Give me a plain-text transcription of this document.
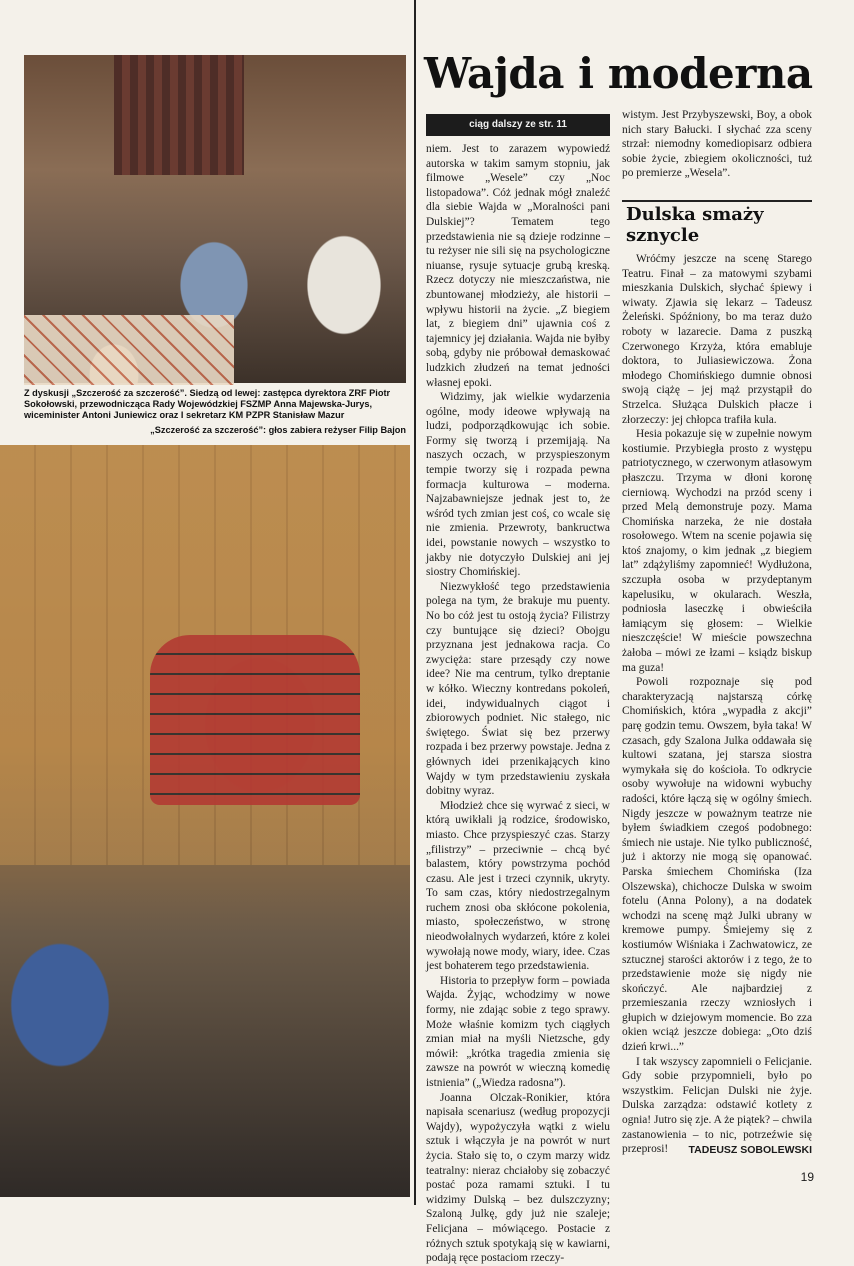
Z dyskusji „Szczerość za szczerość”. Siedzą od lewej: zastępca dyrektora ZRF Piotr Sokołowski, przewodnicząca Rady Wojewódzkiej FSZMP Anna Majewska-Jurys, wiceminister Antoni Juniewicz oraz I sekretarz KM PZPR Stanisław Mazur
„Szczerość za szczerość”: głos zabiera reżyser Filip Bajon
Wajda i moderna
ciąg dalszy ze str. 11

niem. Jest to zarazem wypowiedź autorska w takim samym stopniu, jak filmowe „Wesele” czy „Noc listopadowa”. Cóż jednak mógł znaleźć dla siebie Wajda w „Moralności pani Dulskiej”? Tematem tego przedstawienia nie są dzieje rodzinne – tu reżyser nie sili się na psychologiczne niuanse, rysuje sytuacje grubą kreską. Rzecz dotyczy nie mieszczaństwa, nie zbuntowanej młodzieży, ale historii – wpływu historii na życie. „Z biegiem lat, z biegiem dni” ujawnia coś z tajemnicy jej działania. Wajda nie byłby sobą, gdyby nie próbował demaskować ludzkich złudzeń na temat jedności własnej epoki.

Widzimy, jak wielkie wydarzenia ogólne, mody ideowe wpływają na ludzi, podporządkowując ich sobie. Formy się tworzą i przemijają. Na naszych oczach, w przyspieszonym tempie tworzy się i rozpada pewna formacja kulturowa – moderna. Najzabawniejsze jednak jest to, że wśród tych zmian jest coś, co wcale się nie zmienia. Przewroty, bankructwa idei, powstanie nowych – wszystko to jakby nie dotyczyło Dulskiej ani jej siostry Chomińskiej.

Niezwykłość tego przedstawienia polega na tym, że brakuje mu puenty. No bo cóż jest tu ostoją życia? Filistrzy czy buntujące się dzieci? Obojgu przyznana jest jednakowa racja. Co zwycięża: stare przesądy czy nowe idee? Nie ma centrum, tylko dreptanie w kółko. Wieczny kontredans pokoleń, idei, indywidualnych ciągot i zbiorowych podniet. Nic stałego, nic świętego. Świat się bez przerwy rozpada i bez przerwy powstaje. Jedna z głównych idei przenikających kino Wajdy w tym przedstawieniu zyskała dobitny wyraz.

Młodzież chce się wyrwać z sieci, w którą uwikłali ją rodzice, środowisko, miasto. Chce przyspieszyć czas. Starzy „filistrzy” – przeciwnie – chcą być balastem, który powstrzyma pochód czasu. Ale jest i trzeci czynnik, ukryty. To sam czas, który niedostrzegalnym ruchem znosi oba skłócone pokolenia, miasto, społeczeństwo, w stronę nieodwołalnych wydarzeń, które z kolei wywołają nowe mody, wiary, idee. Czas jest bohaterem tego przedstawienia.

Historia to przepływ form – powiada Wajda. Żyjąc, wchodzimy w nowe formy, nie zdając sobie z tego sprawy. Może właśnie komizm tych ciągłych zmian miał na myśli Nietzsche, gdy mówił: „krótka tragedia zmienia się zawsze na powrót w wieczną komedię istnienia” („Wiedza radosna”).

Joanna Olczak-Ronikier, która napisała scenariusz (według propozycji Wajdy), wypożyczyła wątki z wielu sztuk i włączyła je na powrót w nurt życia. Stało się to, o czym marzy widz teatralny: nieraz chciałoby się zobaczyć postać poza ramami sztuki. I tu widzimy Dulską – bez dulszczyzny; Szaloną Julkę, gdy już nie szaleje; Felicjana – mówiącego. Postacie z różnych sztuk spotykają się w kawiarni, podają ręce postaciom rzeczy-

wistym. Jest Przybyszewski, Boy, a obok nich stary Bałucki. I słychać zza sceny strzał: niemodny komediopisarz odbiera sobie życie, zbiegiem okoliczności, tuż po premierze „Wesela”.

Dulska smaży sznycle

Wróćmy jeszcze na scenę Starego Teatru. Finał – za matowymi szybami mieszkania Dulskich, słychać śpiewy i wiwaty. Zjawia się lekarz – Tadeusz Żeleński. Spóźniony, bo ma teraz dużo roboty w lazarecie. Dama z puszką Czerwonego Krzyża, która emabluje doktora, to Juliasiewiczowa. Żona młodego Chomińskiego dumnie obnosi swoją ciążę – jej mąż przystąpił do Strzelca. Służąca Dulskich płacze i złorzeczy: jej chłopca trafiła kula.

Hesia pokazuje się w zupełnie nowym kostiumie. Przybiegła prosto z występu patriotycznego, w czerwonym atłasowym płaszczu. Trzyma w dłoni koronę cierniową. Wychodzi na przód sceny i przed Melą demonstruje pozy. Mama Chomińska narzeka, że nie dostała rosołowego. Wtem na scenie pojawia się ktoś znajomy, o kim jednak „z biegiem lat” zdążyliśmy zapomnieć! Wydłużona, szczupła osoba w przydeptanym kapelusiku, w okularach. Weszła, podniosła laseczkę i obwieściła łamiącym się głosem: – Wielkie nieszczęście! W mieście powszechna żałoba – mówi ze łzami – ksiądz biskup ma guza!

Powoli rozpoznaje się pod charakteryzacją najstarszą córkę Chomińskich, która „wypadła z akcji” parę godzin temu. Owszem, była taka! W czasach, gdy Szalona Julka oddawała się kultowi szatana, jej starsza siostra wymykała się do kościoła. To odkrycie osoby wywołuje na widowni wybuchy radości, które łączą się w ogólny śmiech. Nigdy jeszcze w poważnym teatrze nie byłem świadkiem czegoś podobnego: śmiech nie ustaje. Nie tylko publiczność, już i aktorzy nie mogą się opanować. Parska śmiechem Chomińska (Iza Olszewska), chichocze Dulska w swoim fotelu (Anna Polony), a na dodatek wchodzi na scenę mąż Julki ubrany w kremowe pumpy. Śmiejemy się z kostiumów Wiśniaka i Zachwatowicz, ze sztucznej starości aktorów i z tego, że to przedstawienie może się nigdy nie skończyć. Ale najbardziej z przemieszania rzeczy wzniosłych i głupich w dziejowym momencie. Bo zza okien wciąż jeszcze dobiega: „Oto dziś dzień krwi...”

I tak wszyscy zapomnieli o Felicjanie. Gdy sobie przypomnieli, było po wszystkim. Felicjan Dulski nie żyje. Dulska zarządza: odstawić kotlety z ognia! Jutro się zje. A że piątek? – chwila zastanowienia – to nic, potrzeźwie się przeprosi!	TADEUSZ SOBOLEWSKI
19
